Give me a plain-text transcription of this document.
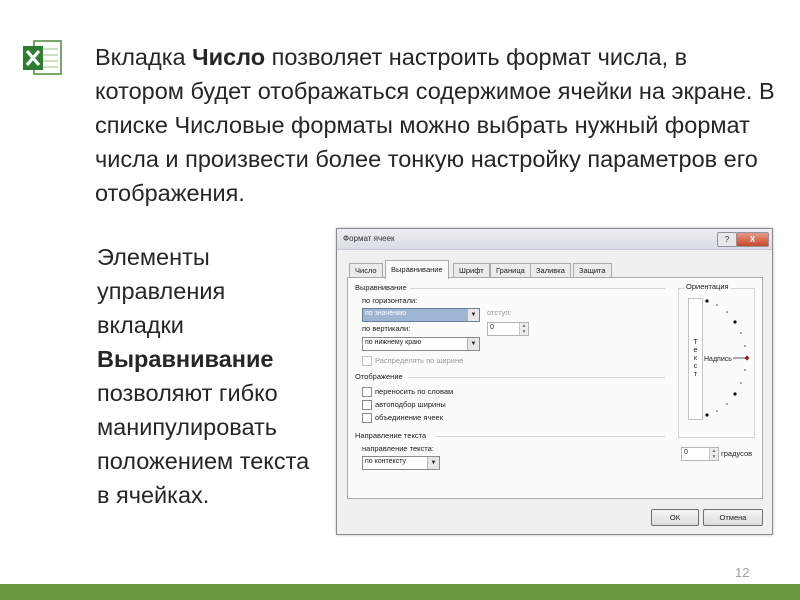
Вкладка Число позволяет настроить формат числа, в котором будет отображаться содержимое ячейки на экране. В списке Числовые форматы можно выбрать нужный формат числа и произвести более тонкую настройку параметров его отображения.

Элементы управления вкладки Выравнивание позволяют гибко манипулировать положением текста в ячейках.

Формат ячеек	?	X
Число	Выравнивание	Шрифт	Граница	Заливка	Защита
Выравнивание
по горизонтали:
по значению	▼	отступ:
0	▲
▼
по вертикали:
по нижнему краю	▼
Распределять по ширине
Отображение
переносить по словам
автоподбор ширины
объединение ячеек
Направление текста
направление текста:
по контексту	▼
Ориентация
Т
е
к
с
т
Надпись
0	▲
▼ градусов
ОК	Отмена
12
